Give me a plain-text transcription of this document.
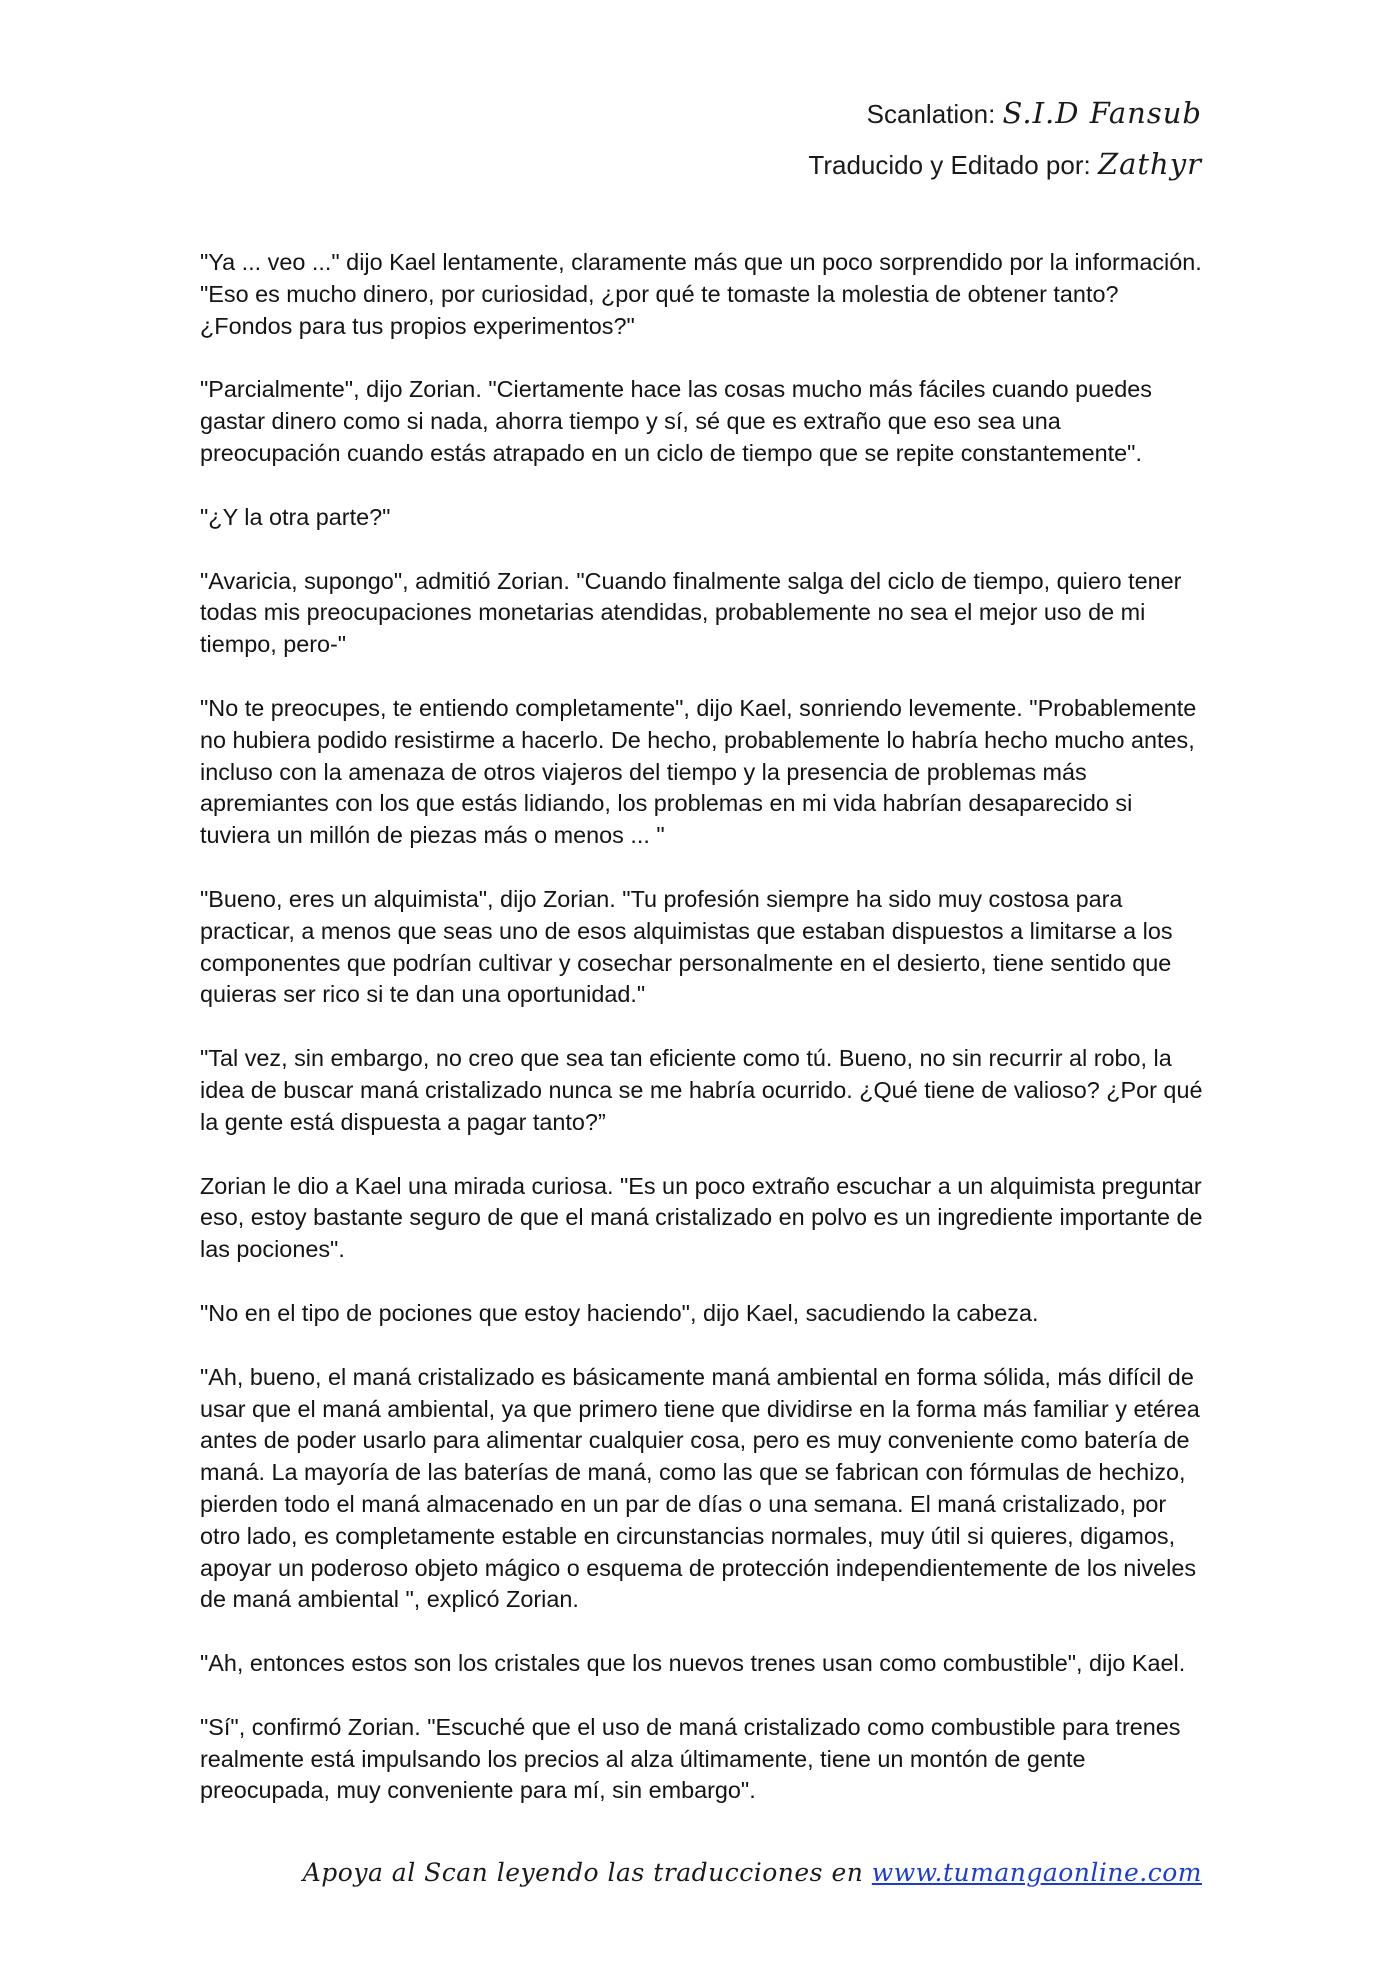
Scanlation: S.I.D Fansub
Traducido y Editado por: Zathyr

"Ya ... veo ..." dijo Kael lentamente, claramente más que un poco sorprendido por la información. "Eso es mucho dinero, por curiosidad, ¿por qué te tomaste la molestia de obtener tanto? ¿Fondos para tus propios experimentos?"

"Parcialmente", dijo Zorian. "Ciertamente hace las cosas mucho más fáciles cuando puedes gastar dinero como si nada, ahorra tiempo y sí, sé que es extraño que eso sea una preocupación cuando estás atrapado en un ciclo de tiempo que se repite constantemente".

"¿Y la otra parte?"

"Avaricia, supongo", admitió Zorian. "Cuando finalmente salga del ciclo de tiempo, quiero tener todas mis preocupaciones monetarias atendidas, probablemente no sea el mejor uso de mi tiempo, pero-"

"No te preocupes, te entiendo completamente", dijo Kael, sonriendo levemente. "Probablemente no hubiera podido resistirme a hacerlo. De hecho, probablemente lo habría hecho mucho antes, incluso con la amenaza de otros viajeros del tiempo y la presencia de problemas más apremiantes con los que estás lidiando, los problemas en mi vida habrían desaparecido si tuviera un millón de piezas más o menos ... "

"Bueno, eres un alquimista", dijo Zorian. "Tu profesión siempre ha sido muy costosa para practicar, a menos que seas uno de esos alquimistas que estaban dispuestos a limitarse a los componentes que podrían cultivar y cosechar personalmente en el desierto, tiene sentido que quieras ser rico si te dan una oportunidad."

"Tal vez, sin embargo, no creo que sea tan eficiente como tú. Bueno, no sin recurrir al robo, la idea de buscar maná cristalizado nunca se me habría ocurrido. ¿Qué tiene de valioso? ¿Por qué la gente está dispuesta a pagar tanto?”

Zorian le dio a Kael una mirada curiosa. "Es un poco extraño escuchar a un alquimista preguntar eso, estoy bastante seguro de que el maná cristalizado en polvo es un ingrediente importante de las pociones".

"No en el tipo de pociones que estoy haciendo", dijo Kael, sacudiendo la cabeza.

"Ah, bueno, el maná cristalizado es básicamente maná ambiental en forma sólida, más difícil de usar que el maná ambiental, ya que primero tiene que dividirse en la forma más familiar y etérea antes de poder usarlo para alimentar cualquier cosa, pero es muy conveniente como batería de maná. La mayoría de las baterías de maná, como las que se fabrican con fórmulas de hechizo, pierden todo el maná almacenado en un par de días o una semana. El maná cristalizado, por otro lado, es completamente estable en circunstancias normales, muy útil si quieres, digamos, apoyar un poderoso objeto mágico o esquema de protección independientemente de los niveles de maná ambiental ", explicó Zorian.

"Ah, entonces estos son los cristales que los nuevos trenes usan como combustible", dijo Kael.

"Sí", confirmó Zorian. "Escuché que el uso de maná cristalizado como combustible para trenes realmente está impulsando los precios al alza últimamente, tiene un montón de gente preocupada, muy conveniente para mí, sin embargo".

Apoya al Scan leyendo las traducciones en www.tumangaonline.com
